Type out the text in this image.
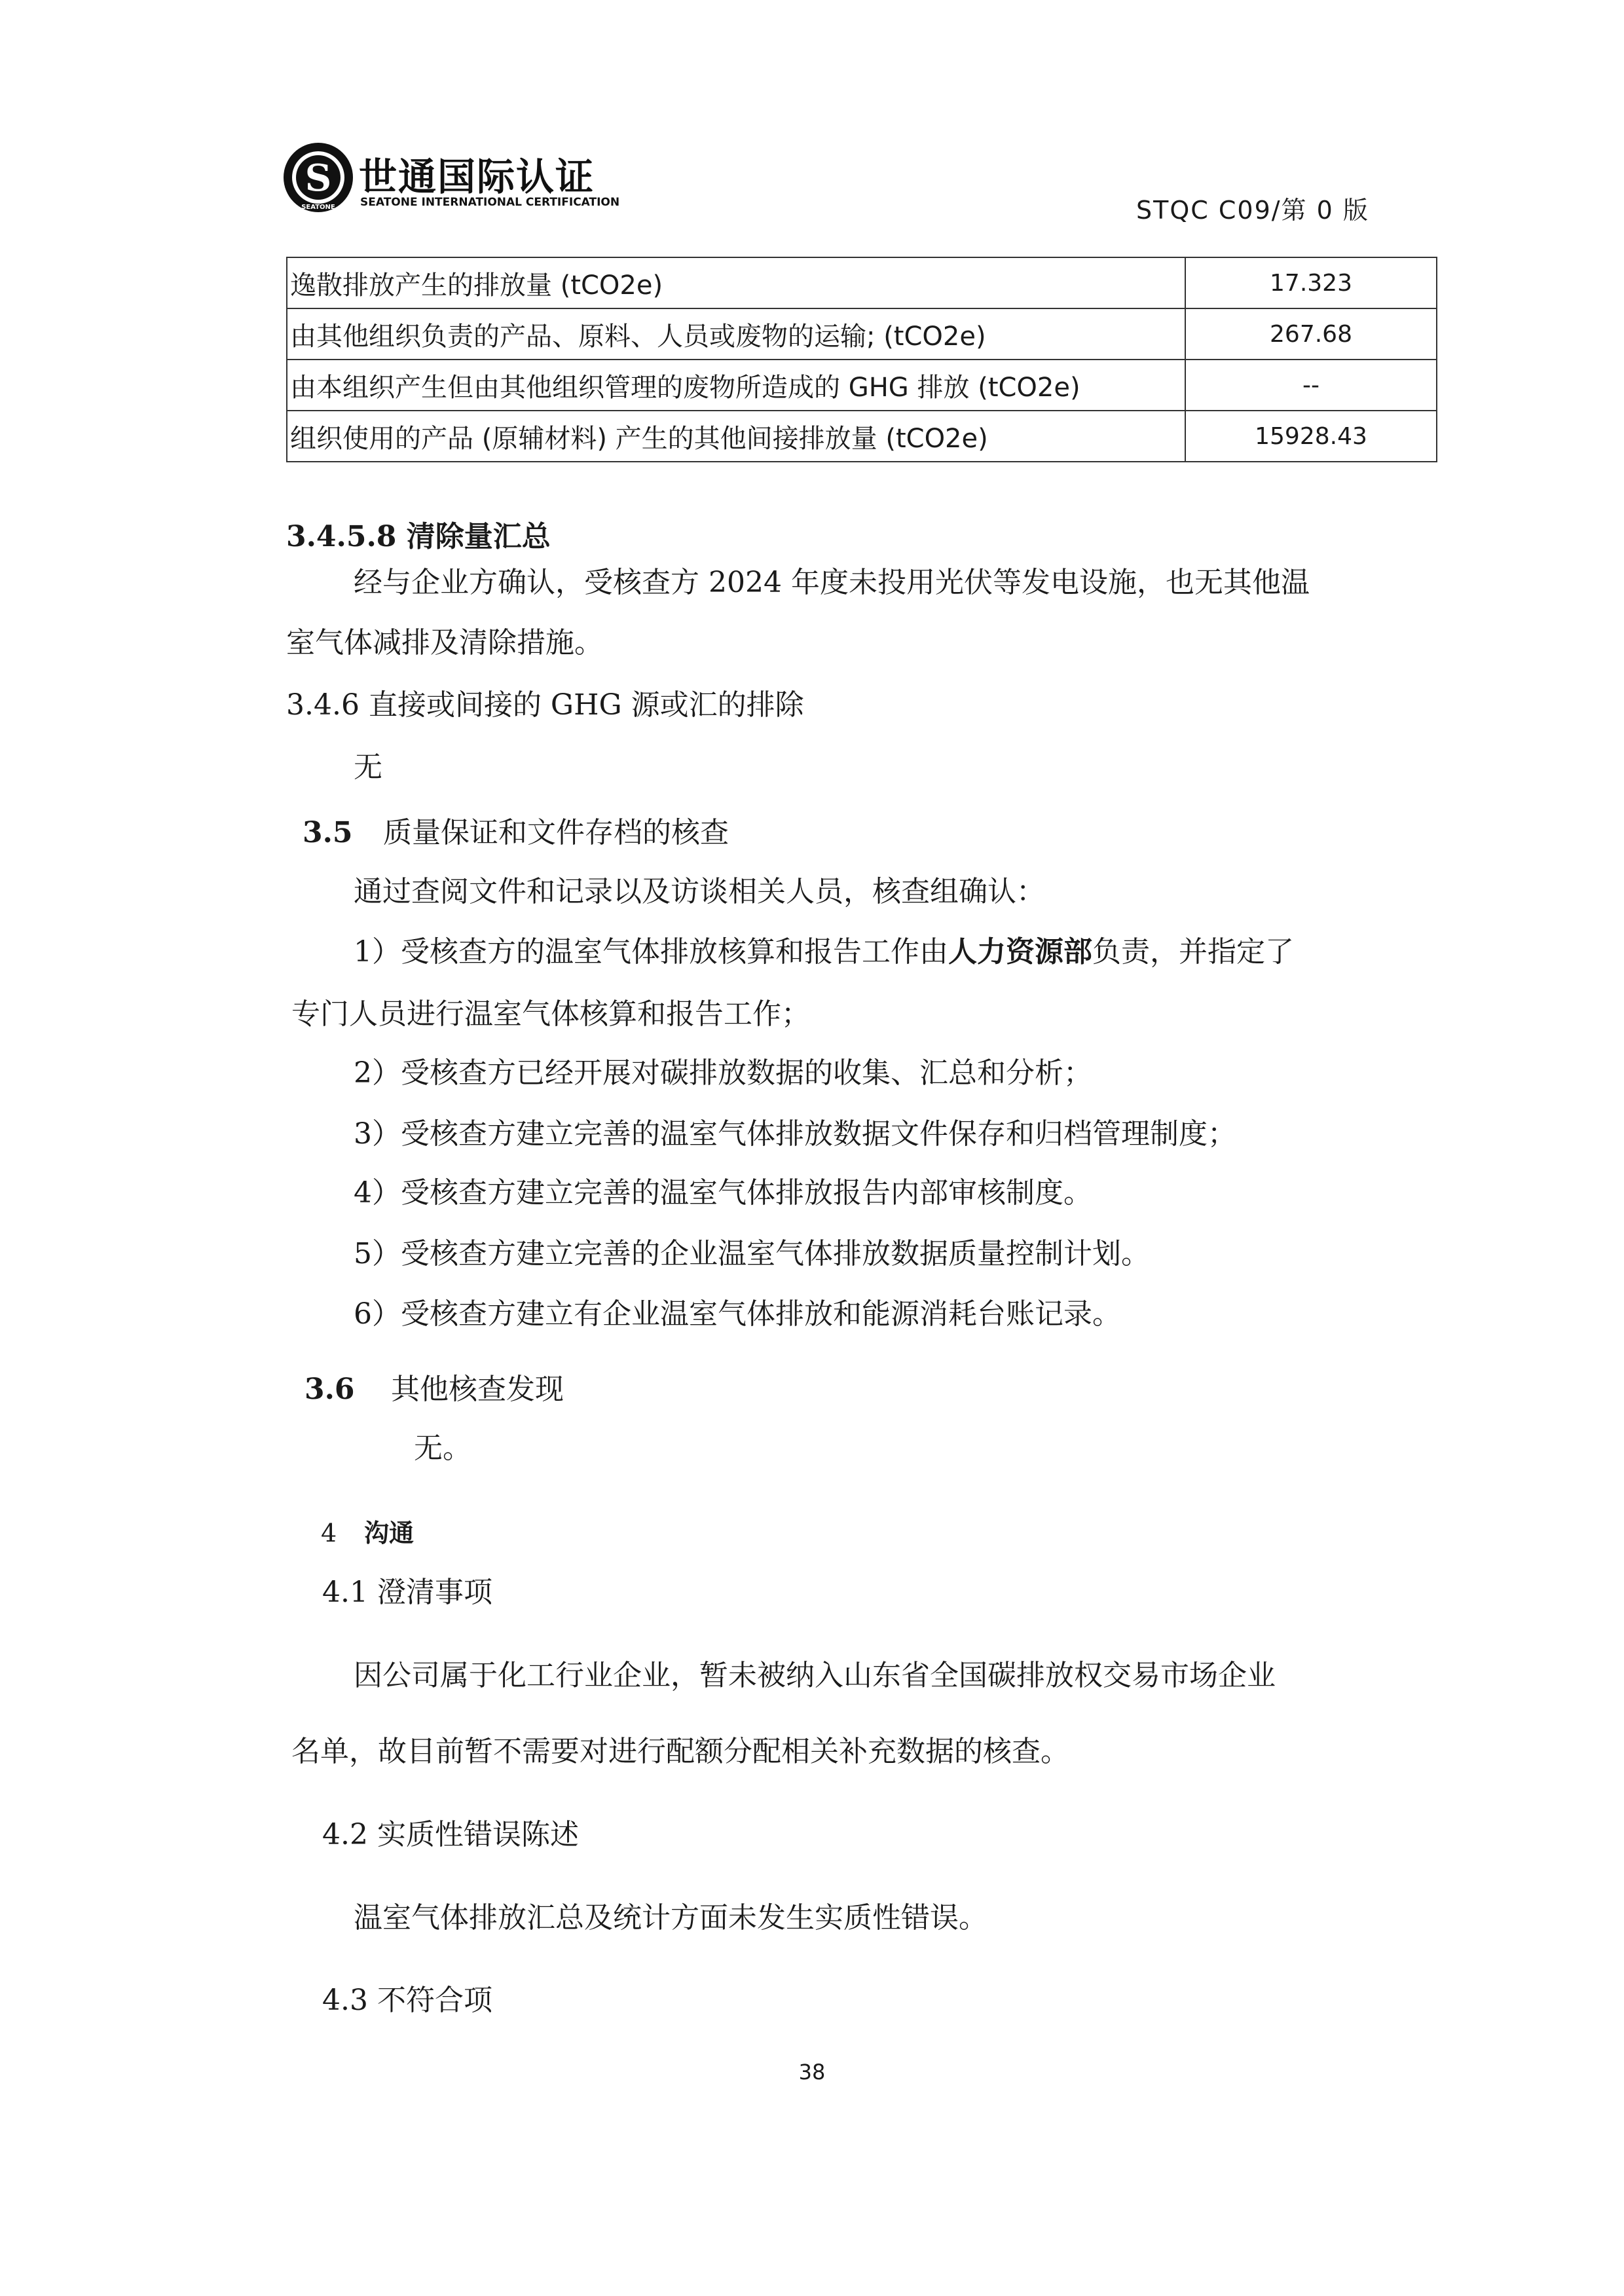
S
SEATONE
世通国际认证
SEATONE INTERNATIONAL CERTIFICATION	STQC C09/第 0 版
逸散排放产生的排放量 (tCO2e)	17.323
由其他组织负责的产品、原料、人员或废物的运输; (tCO2e)	267.68
由本组织产生但由其他组织管理的废物所造成的 GHG 排放 (tCO2e)	--
组织使用的产品 (原辅材料) 产生的其他间接排放量 (tCO2e)	15928.43
3.4.5.8 清除量汇总
经与企业方确认，受核查方 2024 年度未投用光伏等发电设施，也无其他温
室气体减排及清除措施。
3.4.6 直接或间接的 GHG 源或汇的排除
无
3.5 质量保证和文件存档的核查
通过查阅文件和记录以及访谈相关人员，核查组确认：
1）受核查方的温室气体排放核算和报告工作由人力资源部负责，并指定了
专门人员进行温室气体核算和报告工作；
2）受核查方已经开展对碳排放数据的收集、汇总和分析；
3）受核查方建立完善的温室气体排放数据文件保存和归档管理制度；
4）受核查方建立完善的温室气体排放报告内部审核制度。
5）受核查方建立完善的企业温室气体排放数据质量控制计划。
6）受核查方建立有企业温室气体排放和能源消耗台账记录。
3.6 其他核查发现
无。
4 沟通
4.1 澄清事项
因公司属于化工行业企业，暂未被纳入山东省全国碳排放权交易市场企业
名单，故目前暂不需要对进行配额分配相关补充数据的核查。
4.2 实质性错误陈述
温室气体排放汇总及统计方面未发生实质性错误。
4.3 不符合项
38
